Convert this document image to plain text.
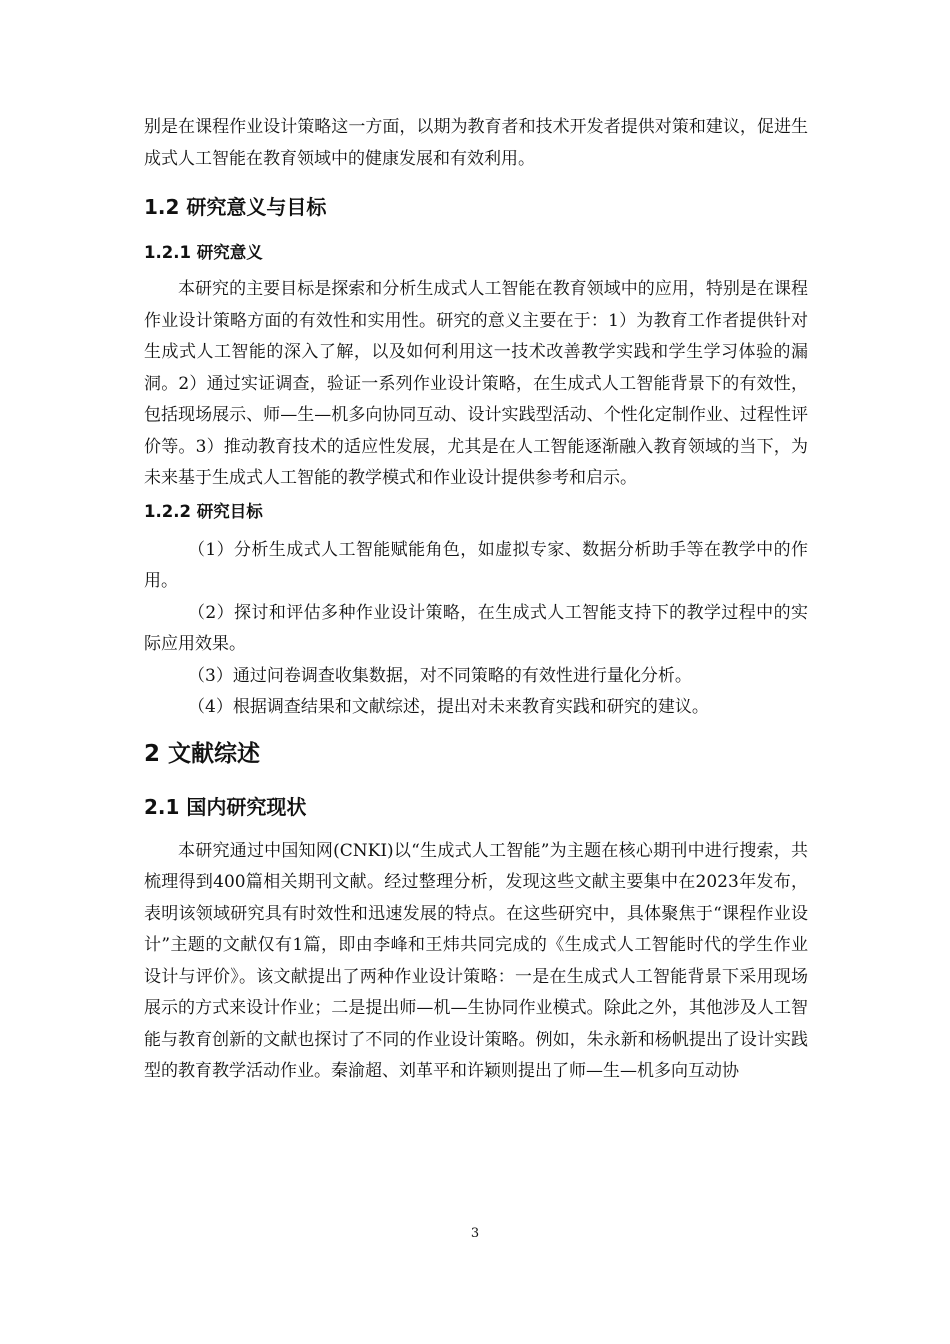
别是在课程作业设计策略这一方面，以期为教育者和技术开发者提供对策和建议，促进生成式人工智能在教育领域中的健康发展和有效利用。

1.2 研究意义与目标
1.2.1 研究意义

本研究的主要目标是探索和分析生成式人工智能在教育领域中的应用，特别是在课程作业设计策略方面的有效性和实用性。研究的意义主要在于：1）为教育工作者提供针对生成式人工智能的深入了解，以及如何利用这一技术改善教学实践和学生学习体验的漏洞。2）通过实证调查，验证一系列作业设计策略，在生成式人工智能背景下的有效性，包括现场展示、师—生—机多向协同互动、设计实践型活动、个性化定制作业、过程性评价等。3）推动教育技术的适应性发展，尤其是在人工智能逐渐融入教育领域的当下，为未来基于生成式人工智能的教学模式和作业设计提供参考和启示。

1.2.2 研究目标

（1）分析生成式人工智能赋能角色，如虚拟专家、数据分析助手等在教学中的作用。

（2）探讨和评估多种作业设计策略，在生成式人工智能支持下的教学过程中的实际应用效果。

（3）通过问卷调查收集数据，对不同策略的有效性进行量化分析。

（4）根据调查结果和文献综述，提出对未来教育实践和研究的建议。

2 文献综述
2.1 国内研究现状

本研究通过中国知网(CNKI)以“生成式人工智能”为主题在核心期刊中进行搜索，共梳理得到400篇相关期刊文献。经过整理分析，发现这些文献主要集中在2023年发布，表明该领域研究具有时效性和迅速发展的特点。在这些研究中，具体聚焦于“课程作业设计”主题的文献仅有1篇，即由李峰和王炜共同完成的《生成式人工智能时代的学生作业设计与评价》。该文献提出了两种作业设计策略：一是在生成式人工智能背景下采用现场展示的方式来设计作业；二是提出师—机—生协同作业模式。除此之外，其他涉及人工智能与教育创新的文献也探讨了不同的作业设计策略。例如，朱永新和杨帆提出了设计实践型的教育教学活动作业。秦渝超、刘革平和许颖则提出了师—生—机多向互动协

3
